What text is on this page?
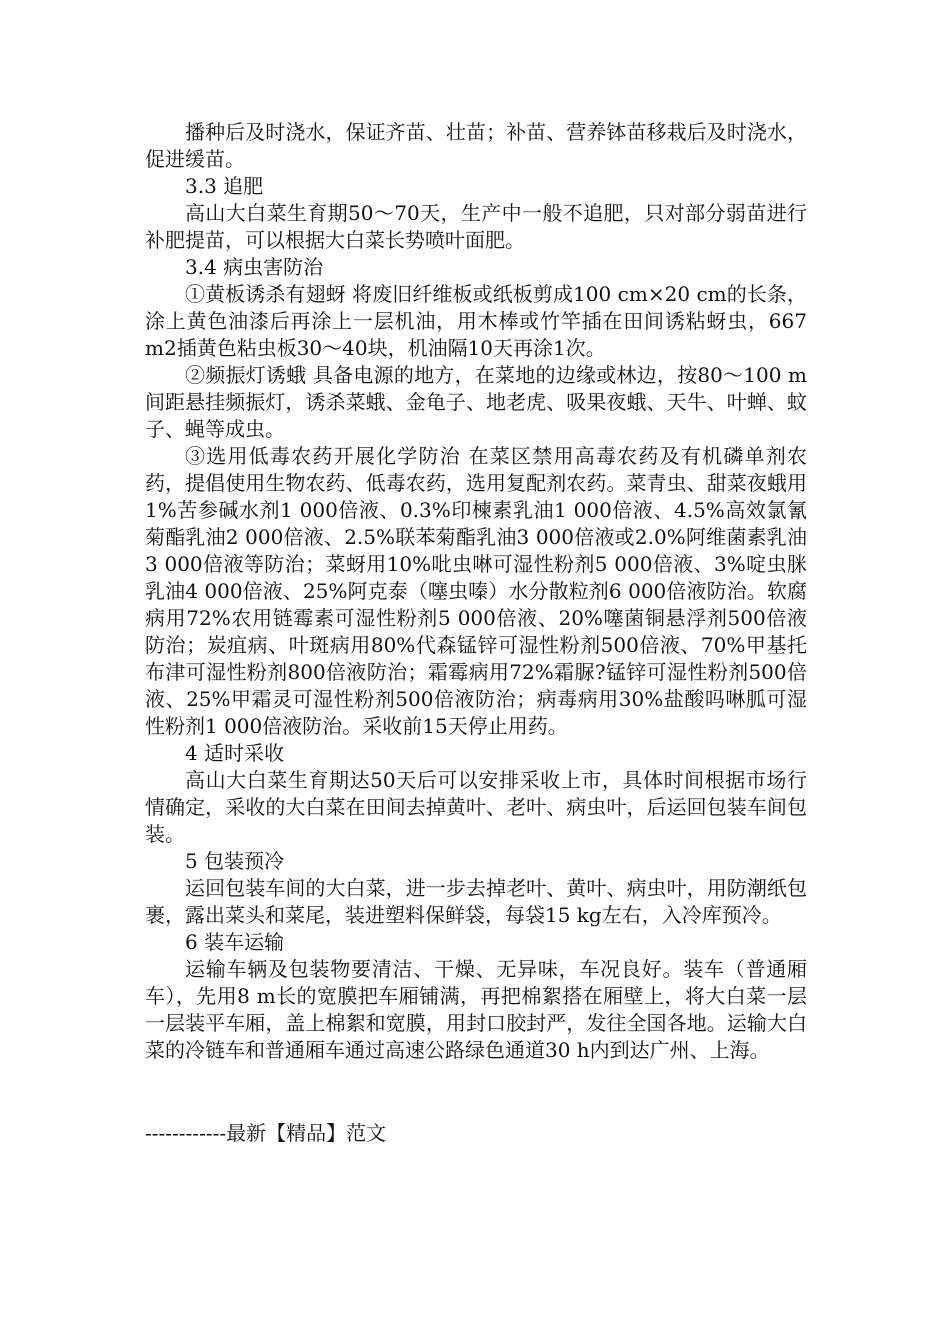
播种后及时浇水，保证齐苗、壮苗；补苗、营养钵苗移栽后及时浇水，促进缓苗。

3.3 追肥

高山大白菜生育期50～70天，生产中一般不追肥，只对部分弱苗进行补肥提苗，可以根据大白菜长势喷叶面肥。

3.4 病虫害防治

①黄板诱杀有翅蚜 将废旧纤维板或纸板剪成100 cm×20 cm的长条，涂上黄色油漆后再涂上一层机油，用木棒或竹竿插在田间诱粘蚜虫，667 m2插黄色粘虫板30～40块，机油隔10天再涂1次。

②频振灯诱蛾 具备电源的地方，在菜地的边缘或林边，按80～100 m间距悬挂频振灯，诱杀菜蛾、金龟子、地老虎、吸果夜蛾、天牛、叶蝉、蚊子、蝇等成虫。

③选用低毒农药开展化学防治 在菜区禁用高毒农药及有机磷单剂农药，提倡使用生物农药、低毒农药，选用复配剂农药。菜青虫、甜菜夜蛾用1%苦参碱水剂1 000倍液、0.3%印楝素乳油1 000倍液、4.5%高效氯氰菊酯乳油2 000倍液、2.5%联苯菊酯乳油3 000倍液或2.0%阿维菌素乳油3 000倍液等防治；菜蚜用10%吡虫啉可湿性粉剂5 000倍液、3%啶虫脒乳油4 000倍液、25%阿克泰（噻虫嗪）水分散粒剂6 000倍液防治。软腐病用72%农用链霉素可湿性粉剂5 000倍液、20%噻菌铜悬浮剂500倍液防治；炭疽病、叶斑病用80%代森锰锌可湿性粉剂500倍液、70%甲基托布津可湿性粉剂800倍液防治；霜霉病用72%霜脲?锰锌可湿性粉剂500倍液、25%甲霜灵可湿性粉剂500倍液防治；病毒病用30%盐酸吗啉胍可湿性粉剂1 000倍液防治。采收前15天停止用药。

4 适时采收

高山大白菜生育期达50天后可以安排采收上市，具体时间根据市场行情确定，采收的大白菜在田间去掉黄叶、老叶、病虫叶，后运回包装车间包装。

5 包装预冷

运回包装车间的大白菜，进一步去掉老叶、黄叶、病虫叶，用防潮纸包裹，露出菜头和菜尾，装进塑料保鲜袋，每袋15 kg左右，入冷库预冷。

6 装车运输

运输车辆及包装物要清洁、干燥、无异味，车况良好。装车（普通厢车），先用8 m长的宽膜把车厢铺满，再把棉絮搭在厢壁上，将大白菜一层一层装平车厢，盖上棉絮和宽膜，用封口胶封严，发往全国各地。运输大白菜的冷链车和普通厢车通过高速公路绿色通道30 h内到达广州、上海。

------------最新【精品】范文
